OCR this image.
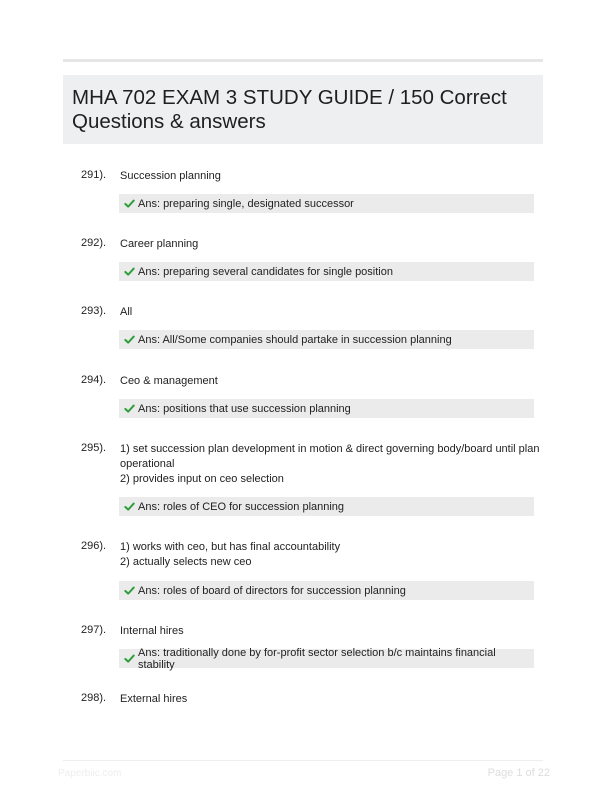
MHA 702 EXAM 3 STUDY GUIDE / 150 Correct Questions & answers
291). Succession planning
Ans: preparing single, designated successor
292). Career planning
Ans: preparing several candidates for single position
293). All
Ans: All/Some companies should partake in succession planning
294). Ceo & management
Ans: positions that use succession planning
295). 1) set succession plan development in motion & direct governing body/board until plan operational
2) provides input on ceo selection
Ans: roles of CEO for succession planning
296). 1) works with ceo, but has final accountability
2) actually selects new ceo
Ans: roles of board of directors for succession planning
297). Internal hires
Ans: traditionally done by for-profit sector selection b/c maintains financial stability
298). External hires
Paperbiic.com	Page 1 of 22
